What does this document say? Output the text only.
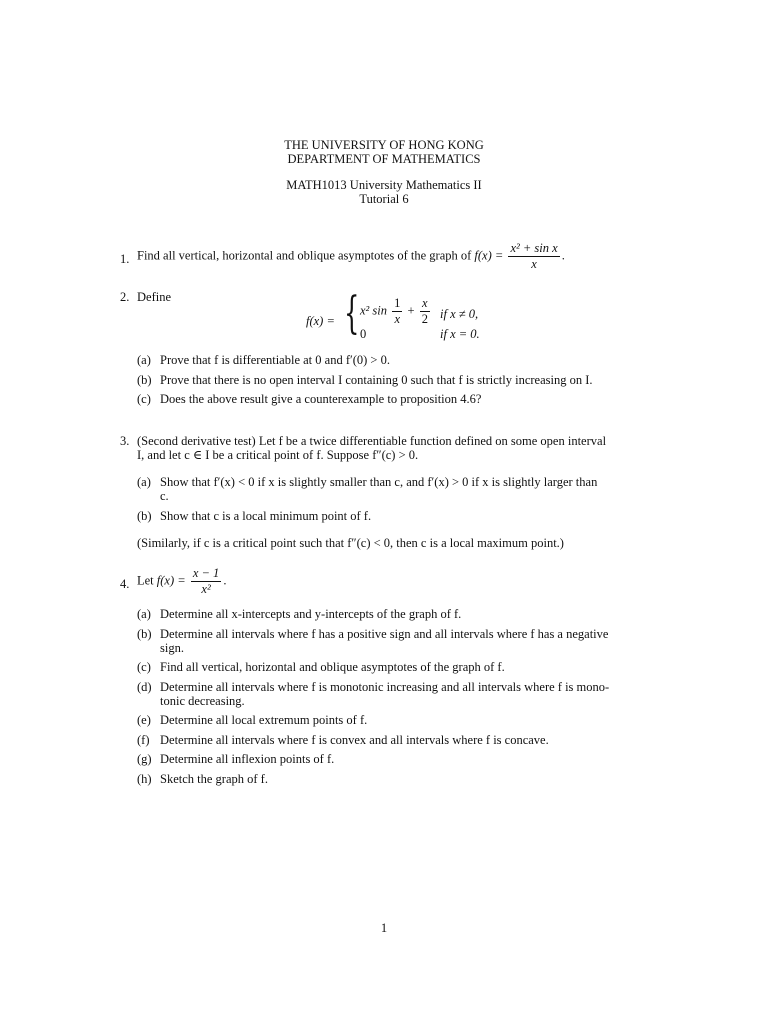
THE UNIVERSITY OF HONG KONG
DEPARTMENT OF MATHEMATICS
MATH1013 University Mathematics II
Tutorial 6
1. Find all vertical, horizontal and oblique asymptotes of the graph of $f(x) = \frac{\text{x² + sin x}}{x}$ .
2. Define
f(x) = { x² $\sin \frac{1}{x} + \frac{x}{2}$ if x ≠ 0,
0	if x = 0.
(a) Prove that f is differentiable at 0 and f′(0) > 0.
(b) Prove that there is no open interval I containing 0 such that f is strictly increasing on I.
(c) Does the above result give a counterexample to proposition 4.6?
3. (Second derivative test) Let f be a twice differentiable function defined on some open interval
I, and let c ∈ I be a critical point of f. Suppose f″(c) > 0.
(a) Show that f′(x) < 0 if x is slightly smaller than c, and f′(x) > 0 if x is slightly larger than
c.
(b) Show that c is a local minimum point of f.
(Similarly, if c is a critical point such that f″(c) < 0, then c is a local maximum point.)
4. Let $f(x) = \frac{x - 1}{\text{x²}}$ .
(a) Determine all x-intercepts and y-intercepts of the graph of f.
(b) Determine all intervals where f has a positive sign and all intervals where f has a negative
sign.
(c) Find all vertical, horizontal and oblique asymptotes of the graph of f.
(d) Determine all intervals where f is monotonic increasing and all intervals where f is mono-
tonic decreasing.
(e) Determine all local extremum points of f.
(f) Determine all intervals where f is convex and all intervals where f is concave.
(g) Determine all inflexion points of f.
(h) Sketch the graph of f.
1
